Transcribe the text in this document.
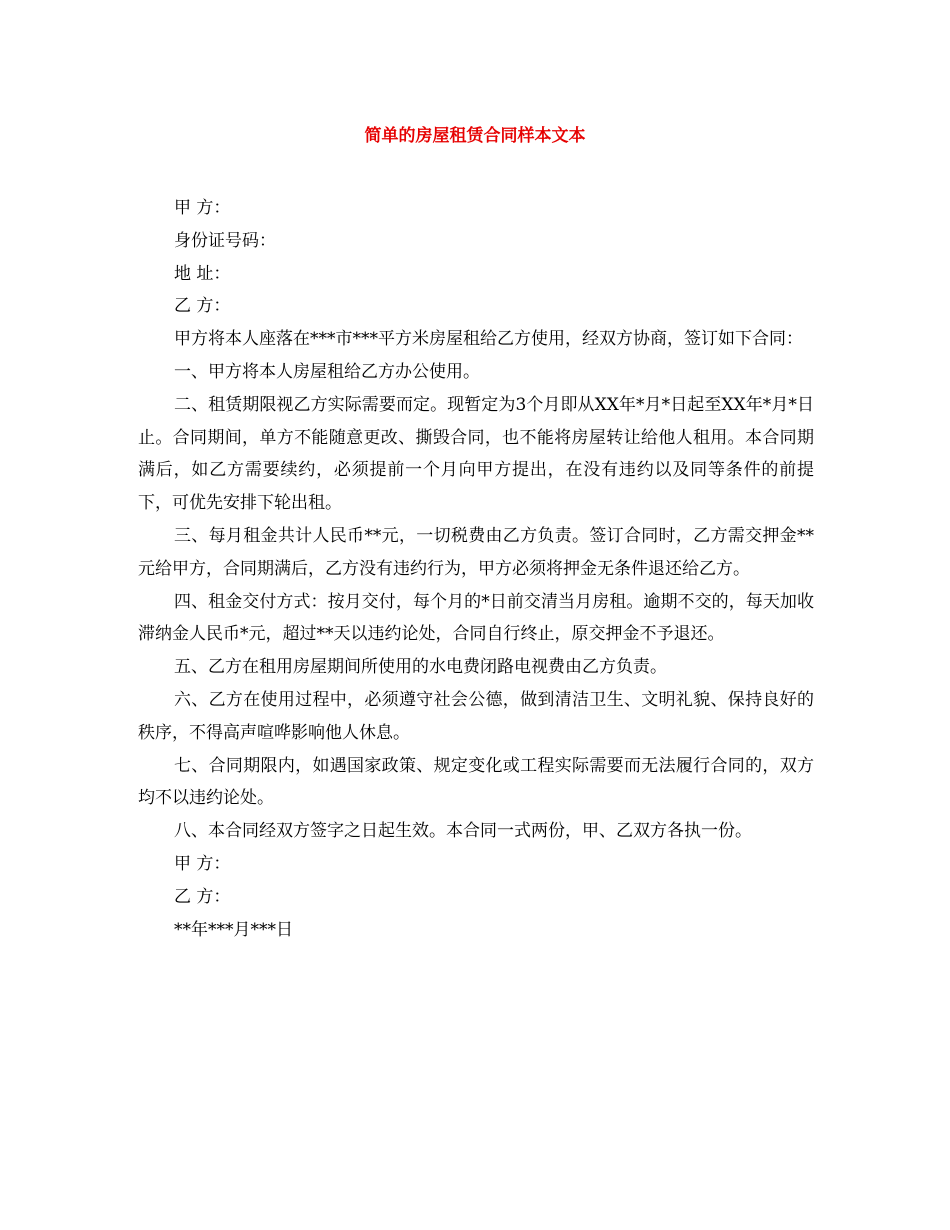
简单的房屋租赁合同样本文本

甲 方：

身份证号码：

地 址：

乙 方：

甲方将本人座落在***市***平方米房屋租给乙方使用，经双方协商，签订如下合同：

一、甲方将本人房屋租给乙方办公使用。

二、租赁期限视乙方实际需要而定。现暂定为3个月即从XX年*月*日起至XX年*月*日止。合同期间，单方不能随意更改、撕毁合同，也不能将房屋转让给他人租用。本合同期满后，如乙方需要续约，必须提前一个月向甲方提出，在没有违约以及同等条件的前提下，可优先安排下轮出租。

三、每月租金共计人民币**元，一切税费由乙方负责。签订合同时，乙方需交押金**元给甲方，合同期满后，乙方没有违约行为，甲方必须将押金无条件退还给乙方。

四、租金交付方式：按月交付，每个月的*日前交清当月房租。逾期不交的，每天加收滞纳金人民币*元，超过**天以违约论处，合同自行终止，原交押金不予退还。

五、乙方在租用房屋期间所使用的水电费闭路电视费由乙方负责。

六、乙方在使用过程中，必须遵守社会公德，做到清洁卫生、文明礼貌、保持良好的秩序，不得高声喧哗影响他人休息。

七、合同期限内，如遇国家政策、规定变化或工程实际需要而无法履行合同的，双方均不以违约论处。

八、本合同经双方签字之日起生效。本合同一式两份，甲、乙双方各执一份。

甲 方：

乙 方：

**年***月***日
